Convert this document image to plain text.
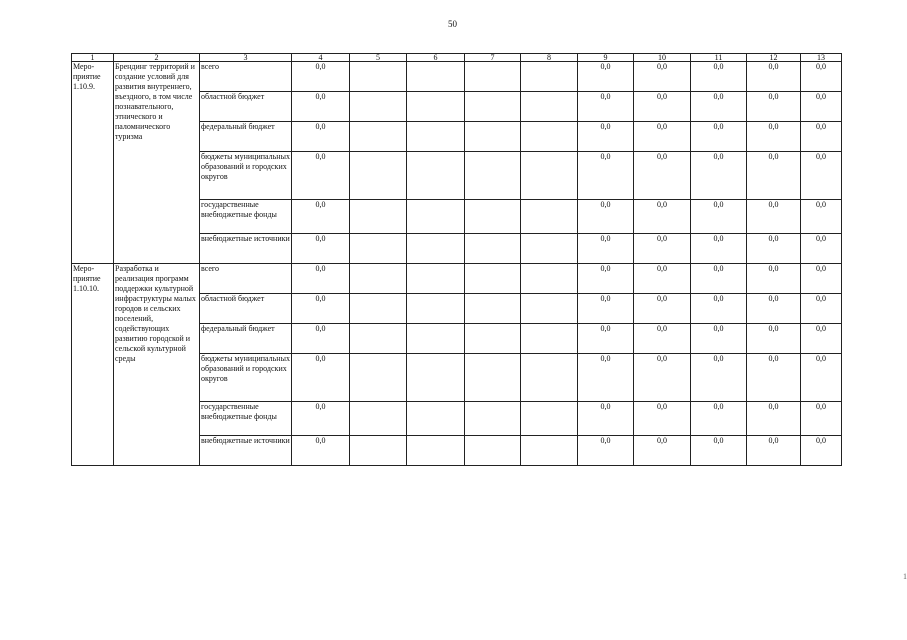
50
1	2	3	4	5	6	7	8	9	10	11	12	13
Меро-приятие 1.10.9.	Брендинг территорий и создание условий для развития внутреннего, въездного, в том числе познавательного, этнического и паломнического туризма	всего	0,0					0,0	0,0	0,0	0,0	0,0
		областной бюджет	0,0					0,0	0,0	0,0	0,0	0,0
		федеральный бюджет	0,0					0,0	0,0	0,0	0,0	0,0
		бюджеты муниципальных образований и городских округов	0,0					0,0	0,0	0,0	0,0	0,0
		государственные внебюджетные фонды	0,0					0,0	0,0	0,0	0,0	0,0
		внебюджетные источники	0,0					0,0	0,0	0,0	0,0	0,0
Меро-приятие 1.10.10.	Разработка и реализация программ поддержки культурной инфраструктуры малых городов и сельских поселений, содействующих развитию городской и сельской культурной среды	всего	0,0					0,0	0,0	0,0	0,0	0,0
		областной бюджет	0,0					0,0	0,0	0,0	0,0	0,0
		федеральный бюджет	0,0					0,0	0,0	0,0	0,0	0,0
		бюджеты муниципальных образований и городских округов	0,0					0,0	0,0	0,0	0,0	0,0
		государственные внебюджетные фонды	0,0					0,0	0,0	0,0	0,0	0,0
		внебюджетные источники	0,0					0,0	0,0	0,0	0,0	0,0
1
